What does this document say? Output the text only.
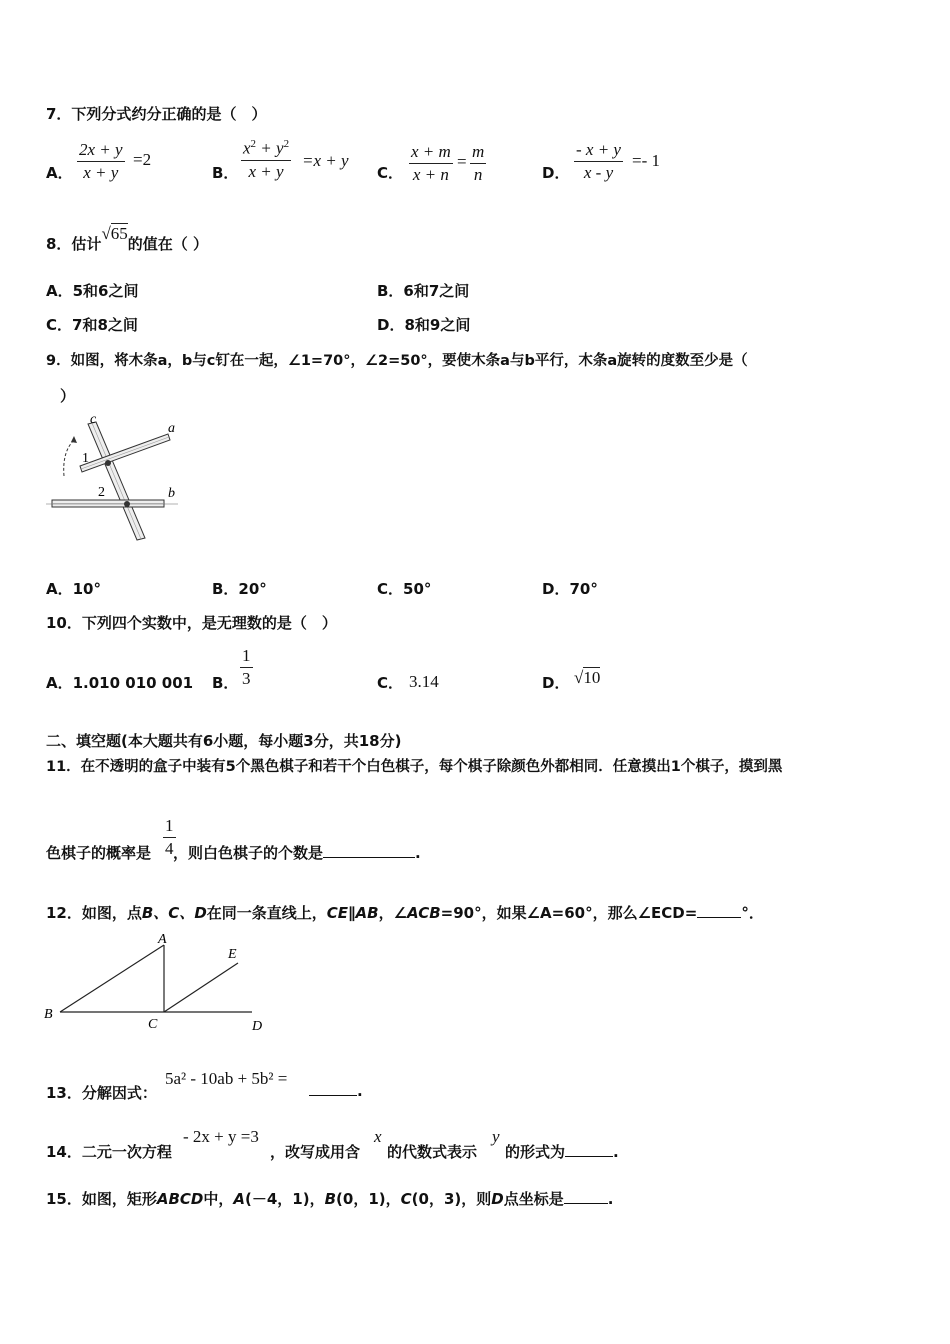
7．下列分式约分正确的是（　）
A．
2x + y
x + y
=2
B．
$x^2 + y^2$
x + y
=x + y
C．
x + m
x + n
=
m
n	D．
- x + y
x - y
=- 1
8．估计√65的值在（ ）
A．5和6之间	B．6和7之间
C．7和8之间	D．8和9之间
9．如图，将木条a，b与c钉在一起，∠1=70°，∠2=50°，要使木条a与b平行，木条a旋转的度数至少是（
）
c
a
1
2	b
A．10°	B．20°	C．50°	D．70°
10．下列四个实数中，是无理数的是（　）
A．1.010 010 001 B．
1
3	C． 3.14	D． √10
二、填空题(本大题共有6小题，每小题3分，共18分)
11．在不透明的盒子中装有5个黑色棋子和若干个白色棋子，每个棋子除颜色外都相同．任意摸出1个棋子，摸到黑
色棋子的概率是 ，则白色棋子的个数是	.
1
4
12．如图，点B、C、D在同一条直线上，CE∥AB，∠ACB=90°，如果∠A=60°，那么∠ECD=	°．
A
E
B
C	D
13．分解因式：
5a² - 10ab + 5b² =
.
14．二元一次方程
- 2x + y =3
，改写成用含
x
的代数式表示
y
的形式为	.
15．如图，矩形ABCD中，A(－4，1)，B(0，1)，C(0，3)，则D点坐标是	.
